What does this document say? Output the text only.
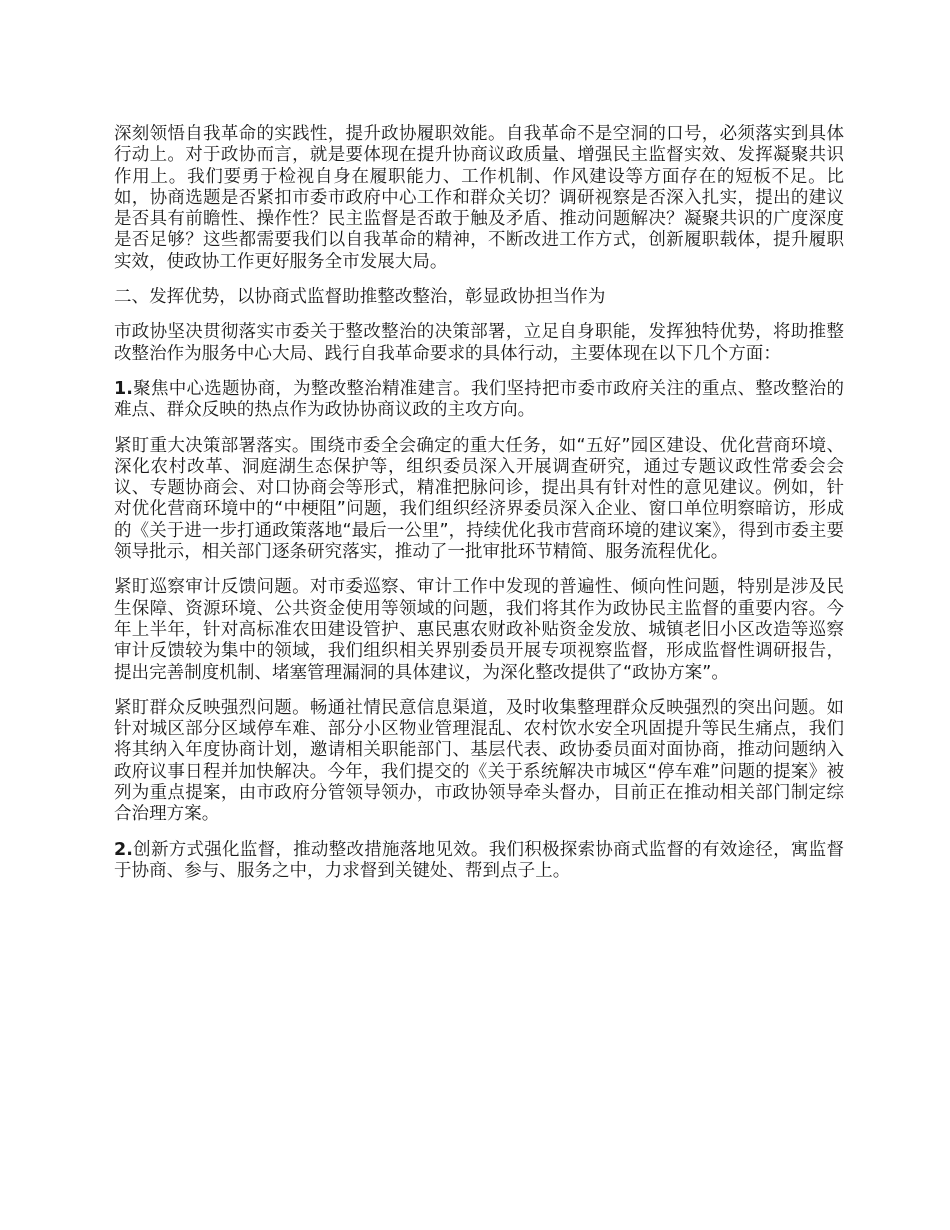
深刻领悟自我革命的实践性，提升政协履职效能。自我革命不是空洞的口号，必须落实到具体行动上。对于政协而言，就是要体现在提升协商议政质量、增强民主监督实效、发挥凝聚共识作用上。我们要勇于检视自身在履职能力、工作机制、作风建设等方面存在的短板不足。比如，协商选题是否紧扣市委市政府中心工作和群众关切？调研视察是否深入扎实，提出的建议是否具有前瞻性、操作性？民主监督是否敢于触及矛盾、推动问题解决？凝聚共识的广度深度是否足够？这些都需要我们以自我革命的精神，不断改进工作方式，创新履职载体，提升履职实效，使政协工作更好服务全市发展大局。

二、发挥优势，以协商式监督助推整改整治，彰显政协担当作为

市政协坚决贯彻落实市委关于整改整治的决策部署，立足自身职能，发挥独特优势，将助推整改整治作为服务中心大局、践行自我革命要求的具体行动，主要体现在以下几个方面：

1.聚焦中心选题协商，为整改整治精准建言。我们坚持把市委市政府关注的重点、整改整治的难点、群众反映的热点作为政协协商议政的主攻方向。

紧盯重大决策部署落实。围绕市委全会确定的重大任务，如“五好”园区建设、优化营商环境、深化农村改革、洞庭湖生态保护等，组织委员深入开展调查研究，通过专题议政性常委会会议、专题协商会、对口协商会等形式，精准把脉问诊，提出具有针对性的意见建议。例如，针对优化营商环境中的“中梗阻”问题，我们组织经济界委员深入企业、窗口单位明察暗访，形成的《关于进一步打通政策落地“最后一公里”，持续优化我市营商环境的建议案》，得到市委主要领导批示，相关部门逐条研究落实，推动了一批审批环节精简、服务流程优化。

紧盯巡察审计反馈问题。对市委巡察、审计工作中发现的普遍性、倾向性问题，特别是涉及民生保障、资源环境、公共资金使用等领域的问题，我们将其作为政协民主监督的重要内容。今年上半年，针对高标准农田建设管护、惠民惠农财政补贴资金发放、城镇老旧小区改造等巡察审计反馈较为集中的领域，我们组织相关界别委员开展专项视察监督，形成监督性调研报告，提出完善制度机制、堵塞管理漏洞的具体建议，为深化整改提供了“政协方案”。

紧盯群众反映强烈问题。畅通社情民意信息渠道，及时收集整理群众反映强烈的突出问题。如针对城区部分区域停车难、部分小区物业管理混乱、农村饮水安全巩固提升等民生痛点，我们将其纳入年度协商计划，邀请相关职能部门、基层代表、政协委员面对面协商，推动问题纳入政府议事日程并加快解决。今年，我们提交的《关于系统解决市城区“停车难”问题的提案》被列为重点提案，由市政府分管领导领办，市政协领导牵头督办，目前正在推动相关部门制定综合治理方案。

2.创新方式强化监督，推动整改措施落地见效。我们积极探索协商式监督的有效途径，寓监督于协商、参与、服务之中，力求督到关键处、帮到点子上。
